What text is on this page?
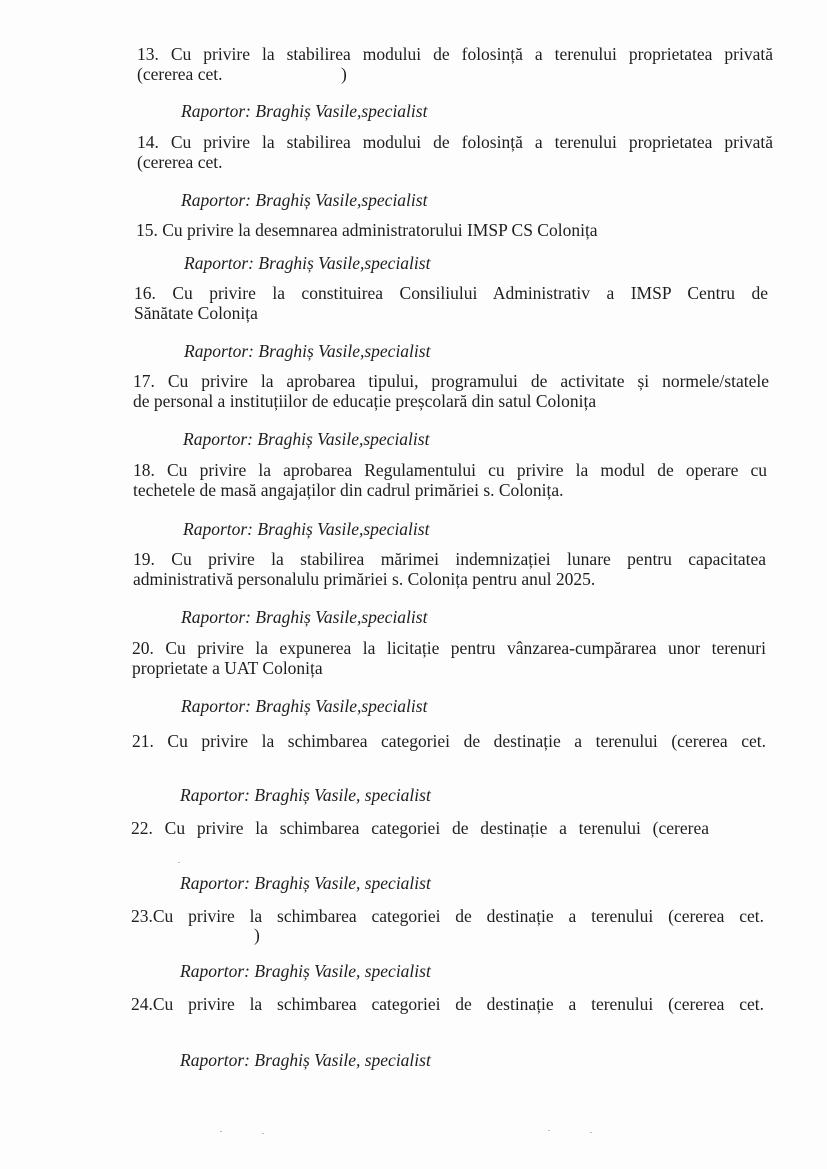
13. Cu privire la stabilirea modului de folosință a terenului proprietatea privată
(cererea cet.	)
Raportor: Braghiș Vasile,specialist
14. Cu privire la stabilirea modului de folosință a terenului proprietatea privată
(cererea cet.
Raportor: Braghiș Vasile,specialist
15. Cu privire la desemnarea administratorului IMSP CS Colonița
Raportor: Braghiș Vasile,specialist
16. Cu privire la constituirea Consiliului Administrativ a IMSP Centru de
Sănătate Colonița
Raportor: Braghiș Vasile,specialist
17. Cu privire la aprobarea tipului, programului de activitate și normele/statele
de personal a instituțiilor de educație preșcolară din satul Colonița
Raportor: Braghiș Vasile,specialist
18. Cu privire la aprobarea Regulamentului cu privire la modul de operare cu
techetele de masă angajaților din cadrul primăriei s. Colonița.
Raportor: Braghiș Vasile,specialist
19. Cu privire la stabilirea mărimei indemnizației lunare pentru capacitatea
administrativă personalulu primăriei s. Colonița pentru anul 2025.
Raportor: Braghiș Vasile,specialist
20. Cu privire la expunerea la licitație pentru vânzarea-cumpărarea unor terenuri
proprietate a UAT Colonița
Raportor: Braghiș Vasile,specialist
21. Cu privire la schimbarea categoriei de destinație a terenului (cererea cet.
Raportor: Braghiș Vasile, specialist
22. Cu privire la schimbarea categoriei de destinație a terenului (cererea
Raportor: Braghiș Vasile, specialist
23.Cu privire la schimbarea categoriei de destinație a terenului (cererea cet.
)
Raportor: Braghiș Vasile, specialist
24.Cu privire la schimbarea categoriei de destinație a terenului (cererea cet.
Raportor: Braghiș Vasile, specialist
